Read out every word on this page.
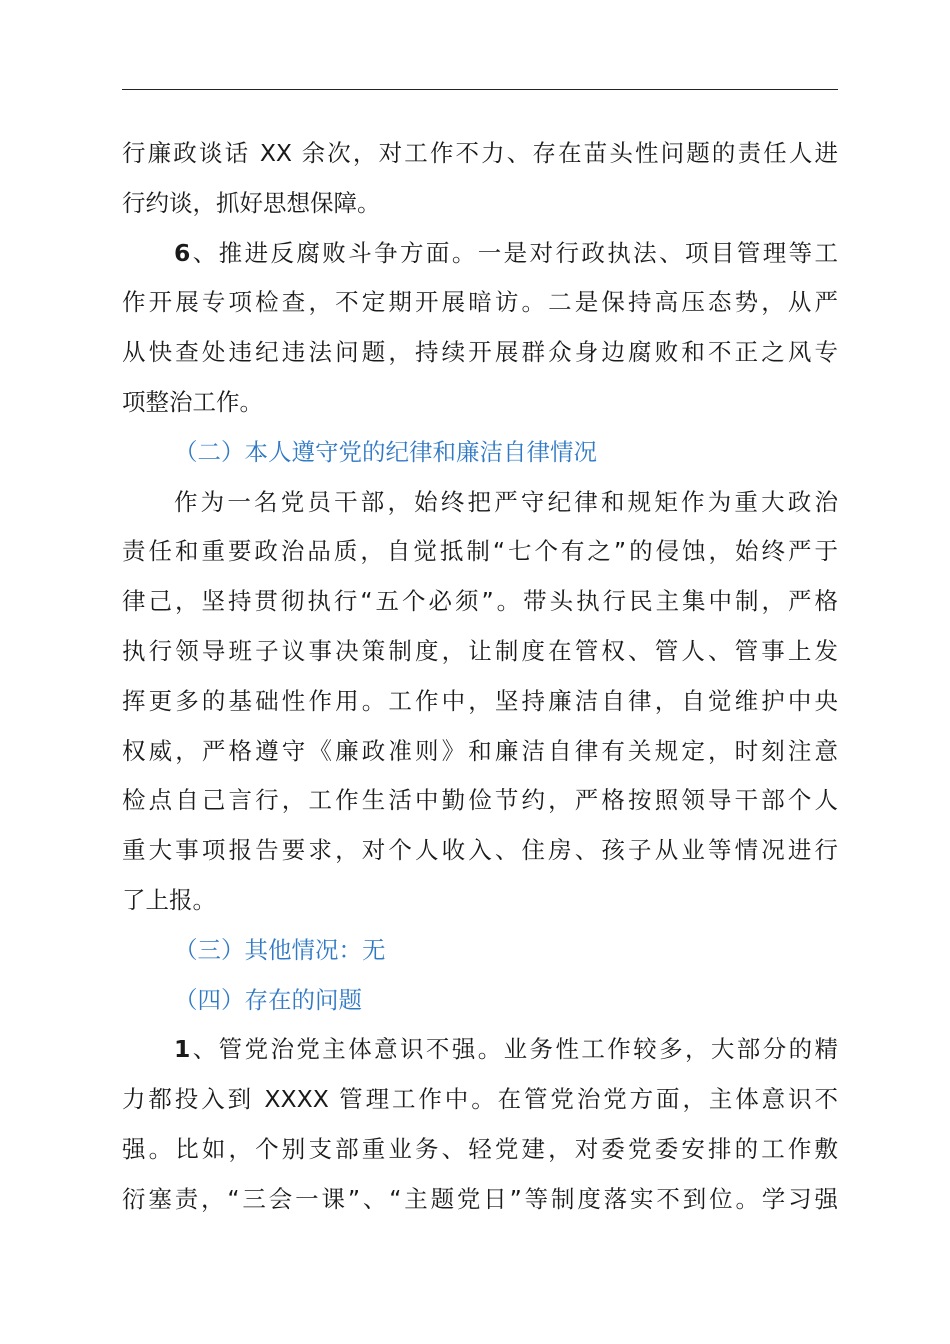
行廉政谈话 XX 余次，对工作不力、存在苗头性问题的责任人进
行约谈，抓好思想保障。
6、推进反腐败斗争方面。一是对行政执法、项目管理等工
作开展专项检查，不定期开展暗访。二是保持高压态势，从严
从快查处违纪违法问题，持续开展群众身边腐败和不正之风专
项整治工作。
（二）本人遵守党的纪律和廉洁自律情况
作为一名党员干部，始终把严守纪律和规矩作为重大政治
责任和重要政治品质，自觉抵制“七个有之”的侵蚀，始终严于
律己，坚持贯彻执行“五个必须”。带头执行民主集中制，严格
执行领导班子议事决策制度，让制度在管权、管人、管事上发
挥更多的基础性作用。工作中，坚持廉洁自律，自觉维护中央
权威，严格遵守《廉政准则》和廉洁自律有关规定，时刻注意
检点自己言行，工作生活中勤俭节约，严格按照领导干部个人
重大事项报告要求，对个人收入、住房、孩子从业等情况进行
了上报。
（三）其他情况：无
（四）存在的问题
1、管党治党主体意识不强。业务性工作较多，大部分的精
力都投入到 XXXX 管理工作中。在管党治党方面，主体意识不
强。比如，个别支部重业务、轻党建，对委党委安排的工作敷
衍塞责，“三会一课”、“主题党日”等制度落实不到位。学习强
